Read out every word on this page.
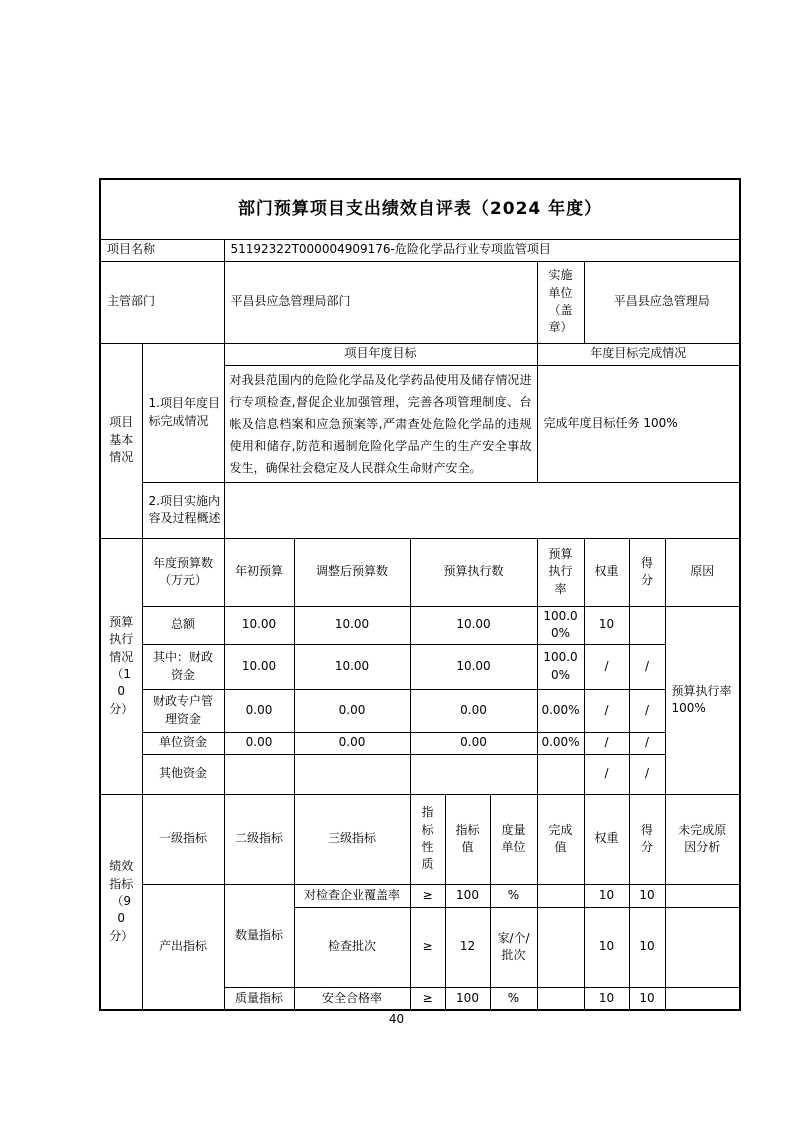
部门预算项目支出绩效自评表（2024 年度）										
项目名称		51192322T000004909176-危险化学品行业专项监管项目								
主管部门		平昌县应急管理局部门					实施单位（盖章）	平昌县应急管理局		
项目基本情况	1.项目年度目标完成情况	项目年度目标					年度目标完成情况			
		对我县范围内的危险化学品及化学药品使用及储存情况进行专项检查,督促企业加强管理，完善各项管理制度、台帐及信息档案和应急预案等,严肃查处危险化学品的违规使用和储存,防范和遏制危险化学品产生的生产安全事故发生，确保社会稳定及人民群众生命财产安全。					完成年度目标任务 100%			
	2.项目实施内容及过程概述									
预算执行情况（10分）	年度预算数（万元）	年初预算	调整后预算数	预算执行数			预算执行率	权重	得分	原因
	总额	10.00	10.00	10.00			100.00%	10		预算执行率 100%
	其中：财政资金	10.00	10.00	10.00			100.00%	/	/	
	财政专户管理资金	0.00	0.00	0.00			0.00%	/	/	
	单位资金	0.00	0.00	0.00			0.00%	/	/	
	其他资金							/	/	
绩效指标（90分）	一级指标	二级指标	三级指标	指标性质	指标值	度量单位	完成值	权重	得分	未完成原因分析
	产出指标	数量指标	对检查企业覆盖率	≥	100	%		10	10	
			检查批次	≥	12	家/个/批次		10	10	
		质量指标	安全合格率	≥	100	%		10	10	
40
